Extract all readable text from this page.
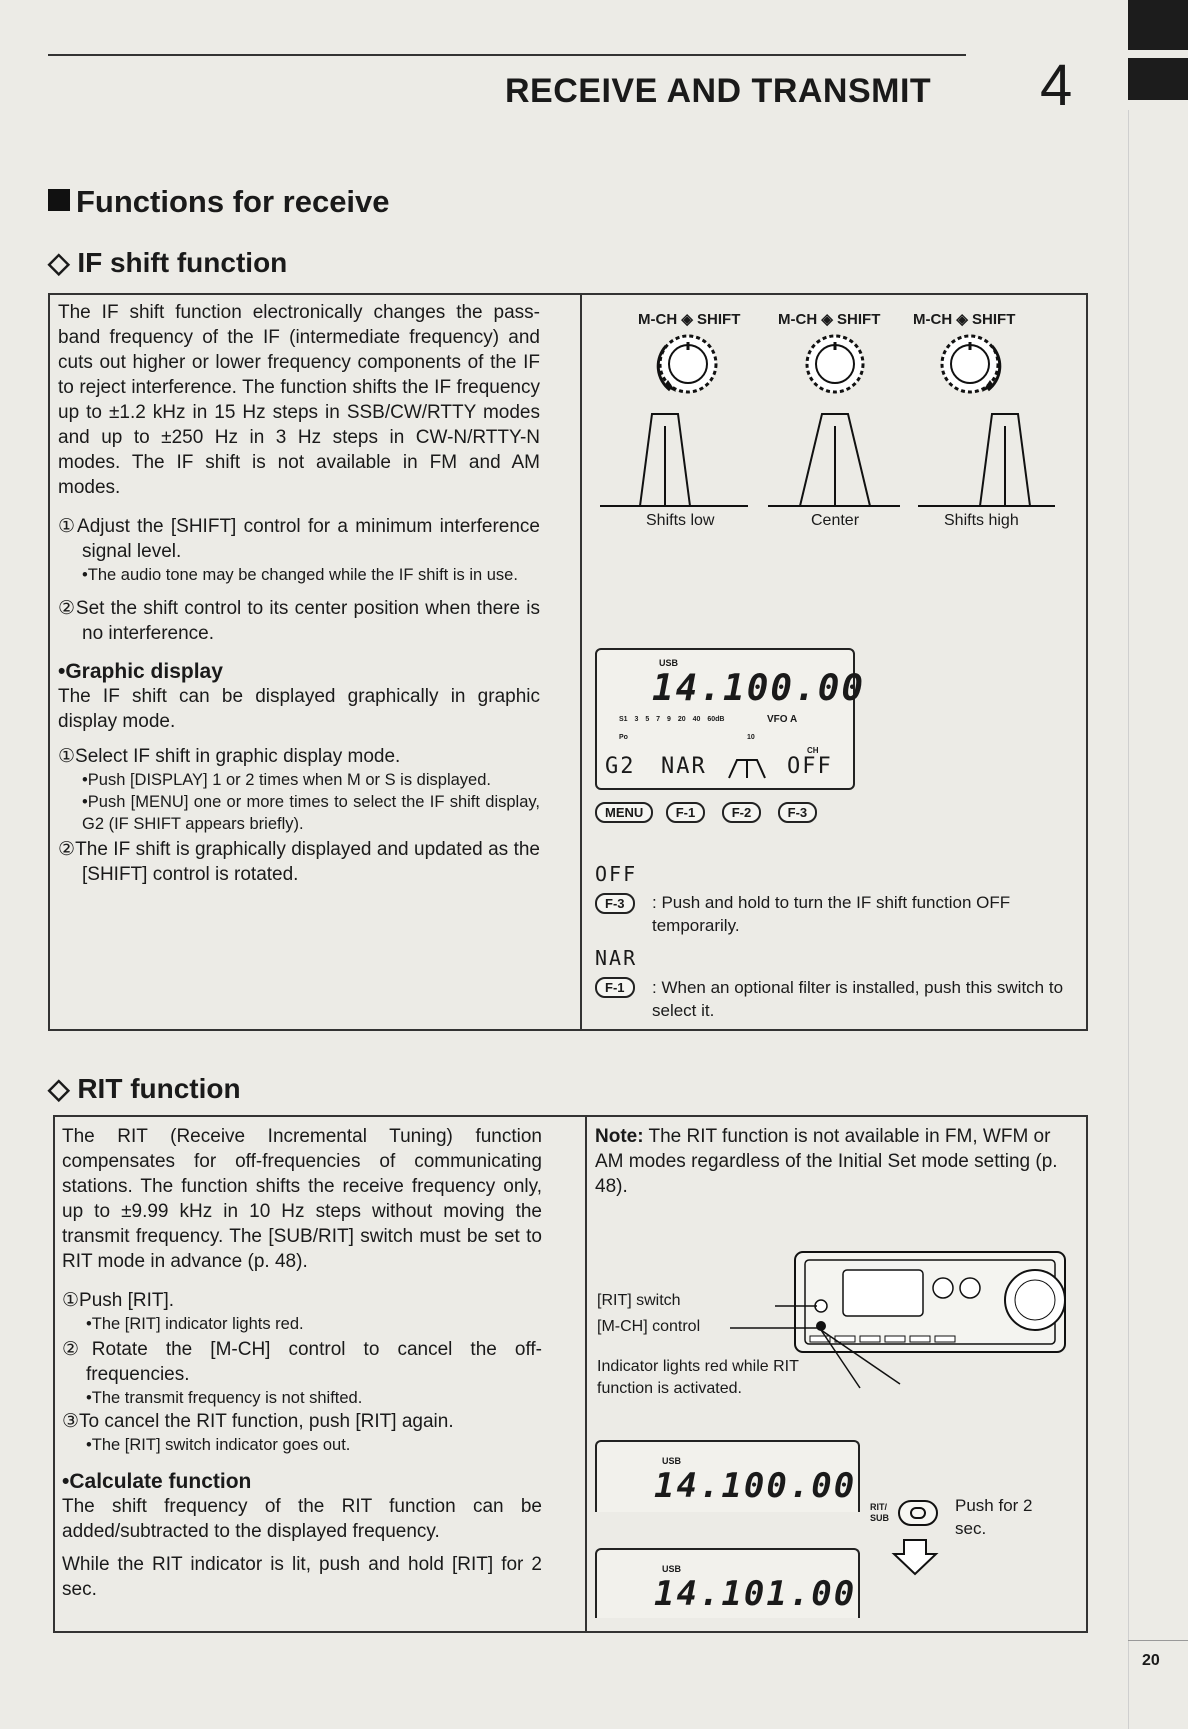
RECEIVE AND TRANSMIT 4
Functions for receive
◇ IF shift function
The IF shift function electronically changes the pass-band frequency of the IF (intermediate frequency) and cuts out higher or lower frequency components of the IF to reject interference. The function shifts the IF frequency up to ±1.2 kHz in 15 Hz steps in SSB/CW/RTTY modes and up to ±250 Hz in 3 Hz steps in CW-N/RTTY-N modes. The IF shift is not available in FM and AM modes.
①Adjust the [SHIFT] control for a minimum interference signal level.
•The audio tone may be changed while the IF shift is in use.
②Set the shift control to its center position when there is no interference.
•Graphic display
The IF shift can be displayed graphically in graphic display mode.
①Select IF shift in graphic display mode.
•Push [DISPLAY] 1 or 2 times when M or S is displayed.
•Push [MENU] one or more times to select the IF shift display, G2 (IF SHIFT appears briefly).
②The IF shift is graphically displayed and updated as the [SHIFT] control is rotated.
M-CH ◈ SHIFT	M-CH ◈ SHIFT M-CH ◈ SHIFT
Shifts low	Center	Shifts high
USB
14.100.00
S1 3 5 7 9 20 40 60dB	VFO A
Po	10
CH
G2 NAR	OFF
MENU F-1	F-2	F-3
OFF
F-3	: Push and hold to turn the IF shift function OFF temporarily.
NAR
F-1	: When an optional filter is installed, push this switch to select it.
◇ RIT function
The RIT (Receive Incremental Tuning) function compensates for off-frequencies of communicating stations. The function shifts the receive frequency only, up to ±9.99 kHz in 10 Hz steps without moving the transmit frequency. The [SUB/RIT] switch must be set to RIT mode in advance (p. 48).
①Push [RIT].
•The [RIT] indicator lights red.
②Rotate the [M-CH] control to cancel the off-frequencies.
•The transmit frequency is not shifted.
③To cancel the RIT function, push [RIT] again.
•The [RIT] switch indicator goes out.
•Calculate function
The shift frequency of the RIT function can be added/subtracted to the displayed frequency.
While the RIT indicator is lit, push and hold [RIT] for 2 sec.
Note: The RIT function is not available in FM, WFM or AM modes regardless of the Initial Set mode setting (p. 48).
[RIT] switch
[M-CH] control
Indicator lights red while RIT function is activated.
USB
14.100.00
RIT/ SUB
Push for 2 sec.
USB
14.101.00
20
